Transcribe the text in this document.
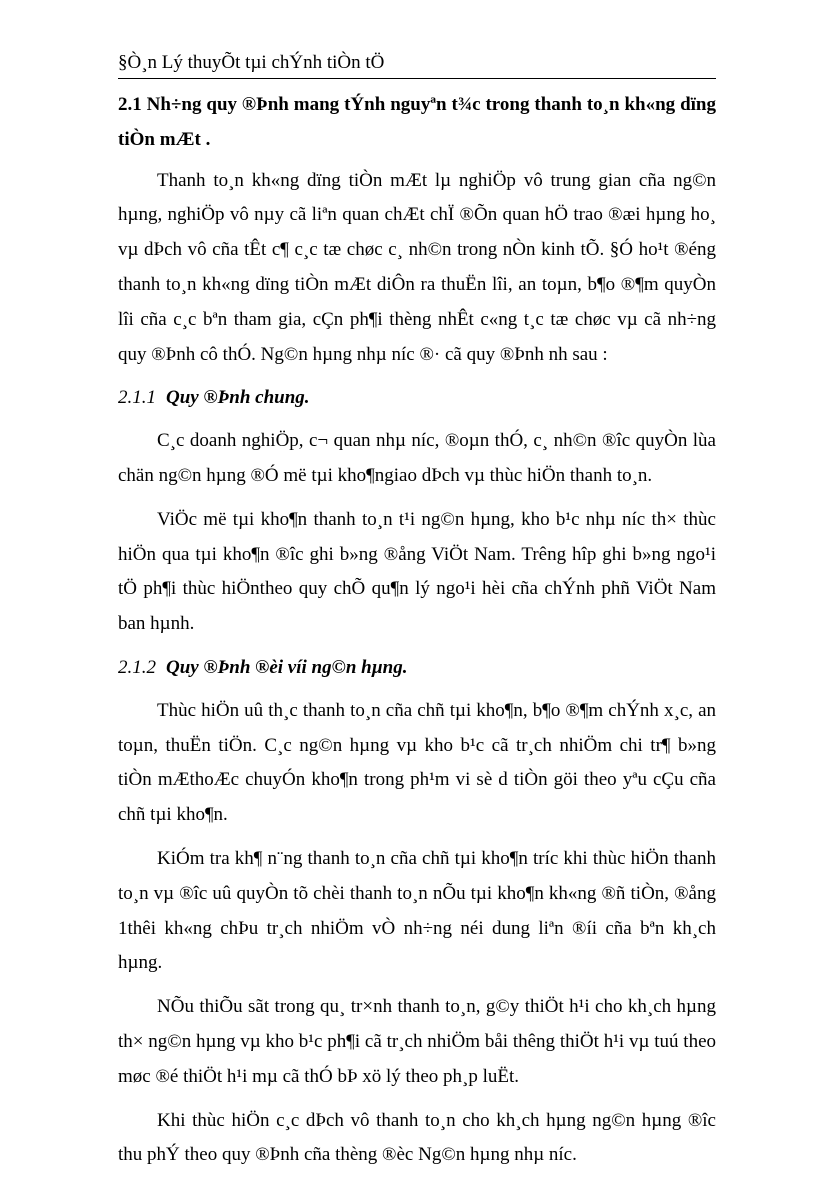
§Ò¸n Lý thuyÕt tµi chÝnh tiÒn tÖ
2.1 Nh÷ng quy ®Þnh mang tÝnh nguyªn t¾c trong thanh to¸n kh«ng dïng tiÒn mÆt .

Thanh to¸n kh«ng dïng tiÒn mÆt lµ nghiÖp vô trung gian cña ng©n hµng, nghiÖp vô nµy cã liªn quan chÆt chÏ ®Õn quan hÖ trao ®æi hµng ho¸ vµ dÞch vô cña tÊt c¶ c¸c tæ chøc c¸ nh©n trong nÒn kinh tÕ. §Ó ho¹t ®éng thanh to¸n kh«ng dïng tiÒn mÆt diÔn ra thuËn lîi, an toµn, b¶o ®¶m quyÒn lîi cña c¸c bªn tham gia, cÇn ph¶i thèng nhÊt c«ng t¸c tæ chøc vµ cã nh÷ng quy ®Þnh cô thÓ. Ng©n hµng nhµ níc ®· cã quy ®Þnh nh sau :

2.1.1 Quy ®Þnh chung.

C¸c doanh nghiÖp, c¬ quan nhµ níc, ®oµn thÓ, c¸ nh©n ®îc quyÒn lùa chän ng©n hµng ®Ó më tµi kho¶ngiao dÞch vµ thùc hiÖn thanh to¸n.

ViÖc më tµi kho¶n thanh to¸n t¹i ng©n hµng, kho b¹c nhµ níc th× thùc hiÖn qua tµi kho¶n ®îc ghi b»ng ®ång ViÖt Nam. Trêng hîp ghi b»ng ngo¹i tÖ ph¶i thùc hiÖntheo quy chÕ qu¶n lý ngo¹i hèi cña chÝnh phñ ViÖt Nam ban hµnh.

2.1.2 Quy ®Þnh ®èi víi ng©n hµng.

Thùc hiÖn uû th¸c thanh to¸n cña chñ tµi kho¶n, b¶o ®¶m chÝnh x¸c, an toµn, thuËn tiÖn. C¸c ng©n hµng vµ kho b¹c cã tr¸ch nhiÖm chi tr¶ b»ng tiÒn mÆthoÆc chuyÓn kho¶n trong ph¹m vi sè d tiÒn göi theo yªu cÇu cña chñ tµi kho¶n.

KiÓm tra kh¶ n¨ng thanh to¸n cña chñ tµi kho¶n tríc khi thùc hiÖn thanh to¸n vµ ®îc uû quyÒn tõ chèi thanh to¸n nÕu tµi kho¶n kh«ng ®ñ tiÒn, ®ång 1thêi kh«ng chÞu tr¸ch nhiÖm vÒ nh÷ng néi dung liªn ®íi cña bªn kh¸ch hµng.

NÕu thiÕu sãt trong qu¸ tr×nh thanh to¸n, g©y thiÖt h¹i cho kh¸ch hµng th× ng©n hµng vµ kho b¹c ph¶i cã tr¸ch nhiÖm båi thêng thiÖt h¹i vµ tuú theo møc ®é thiÖt h¹i mµ cã thÓ bÞ xö lý theo ph¸p luËt.

Khi thùc hiÖn c¸c dÞch vô thanh to¸n cho kh¸ch hµng ng©n hµng ®îc thu phÝ theo quy ®Þnh cña thèng ®èc Ng©n hµng nhµ níc.
